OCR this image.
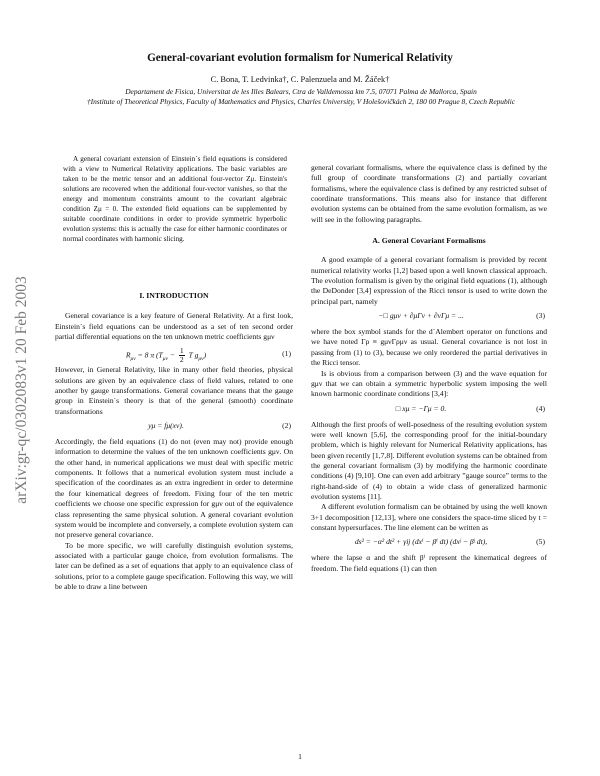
General-covariant evolution formalism for Numerical Relativity
C. Bona, T. Ledvinka†, C. Palenzuela and M. Žáček†

Departament de Fisica, Universitat de les Illes Balears, Ctra de Valldemossa km 7.5, 07071 Palma de Mallorca, Spain

†Institute of Theoretical Physics, Faculty of Mathematics and Physics, Charles University, V Holešovičkách 2, 180 00 Prague 8, Czech Republic

arXiv:gr-qc/0302083v1 20 Feb 2003

A general covariant extension of Einstein´s field equations is considered with a view to Numerical Relativity applications. The basic variables are taken to be the metric tensor and an additional four-vector Zμ. Einstein's solutions are recovered when the additional four-vector vanishes, so that the energy and momentum constraints amount to the covariant algebraic condition Zμ = 0. The extended field equations can be supplemented by suitable coordinate conditions in order to provide symmetric hyperbolic evolution systems: this is actually the case for either harmonic coordinates or normal coordinates with harmonic slicing.

I. INTRODUCTION

General covariance is a key feature of General Relativity. At a first look, Einstein´s field equations can be understood as a set of ten second order partial differential equations on the ten unknown metric coefficients gμν

$R_{\mu\nu} = 8$ π ($T_{\mu\nu} - \frac{1}{2}$ T $g_{\mu\nu}$)	(1)

However, in General Relativity, like in many other field theories, physical solutions are given by an equivalence class of field values, related to one another by gauge transformations. General covariance means that the gauge group in Einstein´s theory is that of the general (smooth) coordinate transformations

yμ = fμ(xν).	(2)

Accordingly, the field equations (1) do not (even may not) provide enough information to determine the values of the ten unknown coefficients gμν. On the other hand, in numerical applications we must deal with specific metric components. It follows that a numerical evolution system must include a specification of the coordinates as an extra ingredient in order to determine the four kinematical degrees of freedom. Fixing four of the ten metric coefficients we choose one specific expression for gμν out of the equivalence class representing the same physical solution. A general covariant evolution system would be incomplete and conversely, a complete evolution system can not preserve general covariance.

To be more specific, we will carefully distinguish evolution systems, associated with a particular gauge choice, from evolution formalisms. The later can be defined as a set of equations that apply to an equivalence class of solutions, prior to a complete gauge specification. Following this way, we will be able to draw a line between

general covariant formalisms, where the equivalence class is defined by the full group of coordinate transformations (2) and partially covariant formalisms, where the equivalence class is defined by any restricted subset of coordinate transformations. This means also for instance that different evolution systems can be obtained from the same evolution formalism, as we will see in the following paragraphs.

A. General Covariant Formalisms

A good example of a general covariant formalism is provided by recent numerical relativity works [1,2] based upon a well known classical approach. The evolution formalism is given by the original field equations (1), although the DeDonder [3,4] expression of the Ricci tensor is used to write down the principal part, namely

−□ gμν + ∂μΓν + ∂νΓμ = ...	(3)

where the box symbol stands for the d´Alembert operator on functions and we have noted Γρ ≡ gμνΓρμν as usual. General covariance is not lost in passing from (1) to (3), because we only reordered the partial derivatives in the Ricci tensor.

Is is obvious from a comparison between (3) and the wave equation for gμν that we can obtain a symmetric hyperbolic system imposing the well known harmonic coordinate conditions [3,4]:

□ xμ = −Γμ = 0.	(4)

Although the first proofs of well-posedness of the resulting evolution system were well known [5,6], the corresponding proof for the initial-boundary problem, which is highly relevant for Numerical Relativity applications, has been given recently [1,7,8]. Different evolution systems can be obtained from the general covariant formalism (3) by modifying the harmonic coordinate conditions (4) [9,10]. One can even add arbitrary ”gauge source” terms to the right-hand-side of (4) to obtain a wide class of generalized harmonic evolution systems [11].

A different evolution formalism can be obtained by using the well known 3+1 decomposition [12,13], where one considers the space-time sliced by t = constant hypersurfaces. The line element can be written as

ds² = −α² dt² + γij (dxⁱ − βⁱ dt) (dxʲ − βʲ dt),	(5)

where the lapse α and the shift βⁱ represent the kinematical degrees of freedom. The field equations (1) can then

1
